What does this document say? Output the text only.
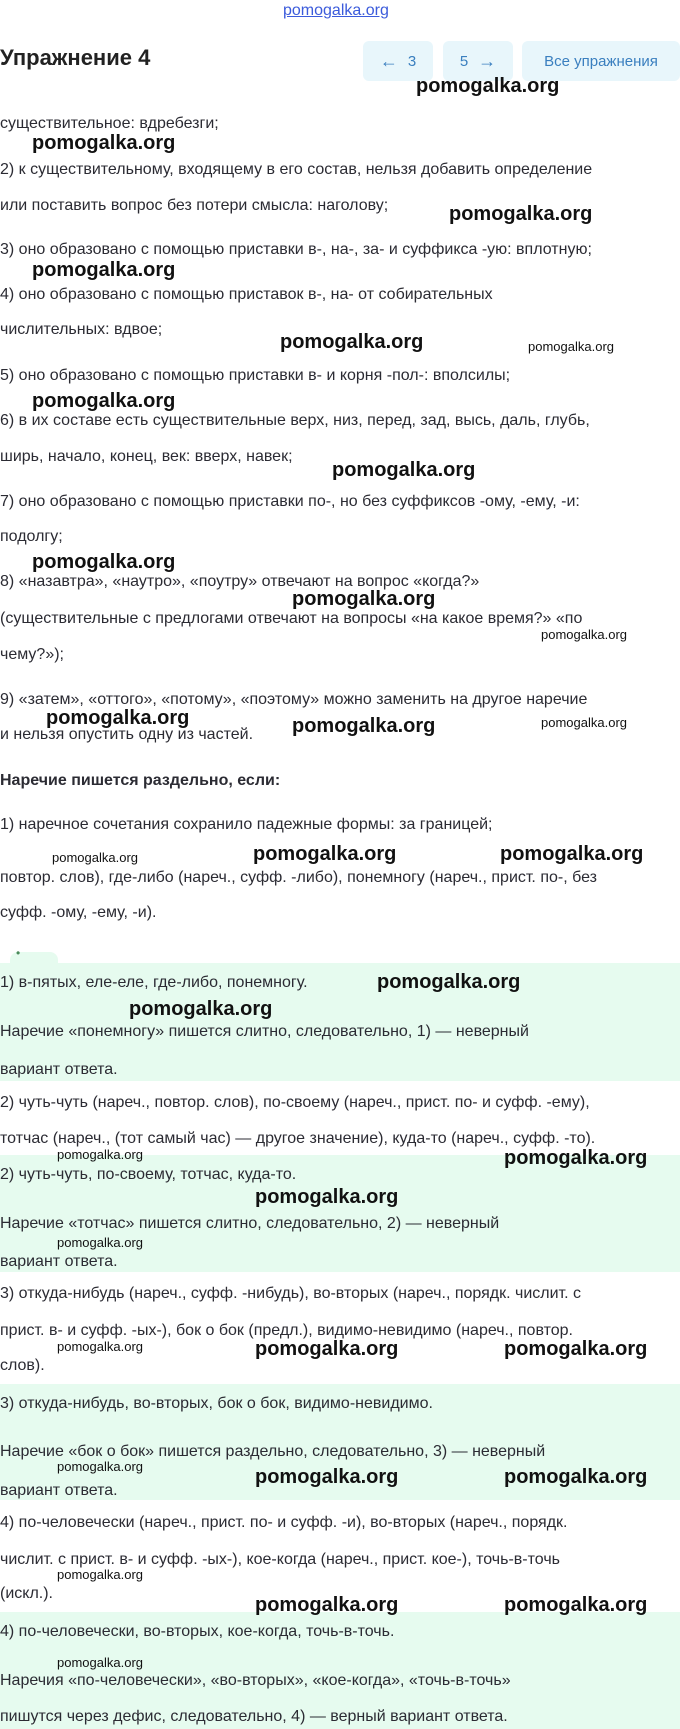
pomogalka.org
Упражнение 4	← 3	5 →	Все упражнения
существительное: вдребезги;
2) к существительному, входящему в его состав, нельзя добавить определение
или поставить вопрос без потери смысла: наголову;
3) оно образовано с помощью приставки в-, на-, за- и суффикса -ую: вплотную;
4) оно образовано с помощью приставок в-, на- от собирательных
числительных: вдвое;
5) оно образовано с помощью приставки в- и корня -пол-: вполсилы;
6) в их составе есть существительные верх, низ, перед, зад, высь, даль, глубь,
ширь, начало, конец, век: вверх, навек;
7) оно образовано с помощью приставки по-, но без суффиксов -ому, -ему, -и:
подолгу;
8) «назавтра», «наутро», «поутру» отвечают на вопрос «когда?»
(существительные с предлогами отвечают на вопросы «на какое время?» «по
чему?»);
9) «затем», «оттого», «потому», «поэтому» можно заменить на другое наречие
и нельзя опустить одну из частей.
Наречие пишется раздельно, если:
1) наречное сочетания сохранило падежные формы: за границей;
повтор. слов), где-либо (нареч., суфф. -либо), понемногу (нареч., прист. по-, без
суфф. -ому, -ему, -и).
•
1) в-пятых, еле-еле, где-либо, понемногу.
Наречие «понемногу» пишется слитно, следовательно, 1) — неверный
вариант ответа.
2) чуть-чуть (нареч., повтор. слов), по-своему (нареч., прист. по- и суфф. -ему),
тотчас (нареч., (тот самый час) — другое значение), куда-то (нареч., суфф. -то).
2) чуть-чуть, по-своему, тотчас, куда-то.
Наречие «тотчас» пишется слитно, следовательно, 2) — неверный
вариант ответа.
3) откуда-нибудь (нареч., суфф. -нибудь), во-вторых (нареч., порядк. числит. с
прист. в- и суфф. -ых-), бок о бок (предл.), видимо-невидимо (нареч., повтор.
слов).
3) откуда-нибудь, во-вторых, бок о бок, видимо-невидимо.
Наречие «бок о бок» пишется раздельно, следовательно, 3) — неверный
вариант ответа.
4) по-человечески (нареч., прист. по- и суфф. -и), во-вторых (нареч., порядк.
числит. с прист. в- и суфф. -ых-), кое-когда (нареч., прист. кое-), точь-в-точь
(искл.).
4) по-человечески, во-вторых, кое-когда, точь-в-точь.
Наречия «по-человечески», «во-вторых», «кое-когда», «точь-в-точь»
пишутся через дефис, следовательно, 4) — верный вариант ответа.
pomogalka.org
pomogalka.org
pomogalka.org
pomogalka.org
pomogalka.org	pomogalka.org
pomogalka.org
pomogalka.org
pomogalka.org
pomogalka.org
pomogalka.org
pomogalka.org	pomogalka.org	pomogalka.org
pomogalka.org	pomogalka.org	pomogalka.org
pomogalka.org
pomogalka.org
pomogalka.org	pomogalka.org
pomogalka.org
pomogalka.org
pomogalka.org	pomogalka.org	pomogalka.org
pomogalka.org	pomogalka.org	pomogalka.org
pomogalka.org
pomogalka.org	pomogalka.org
pomogalka.org
